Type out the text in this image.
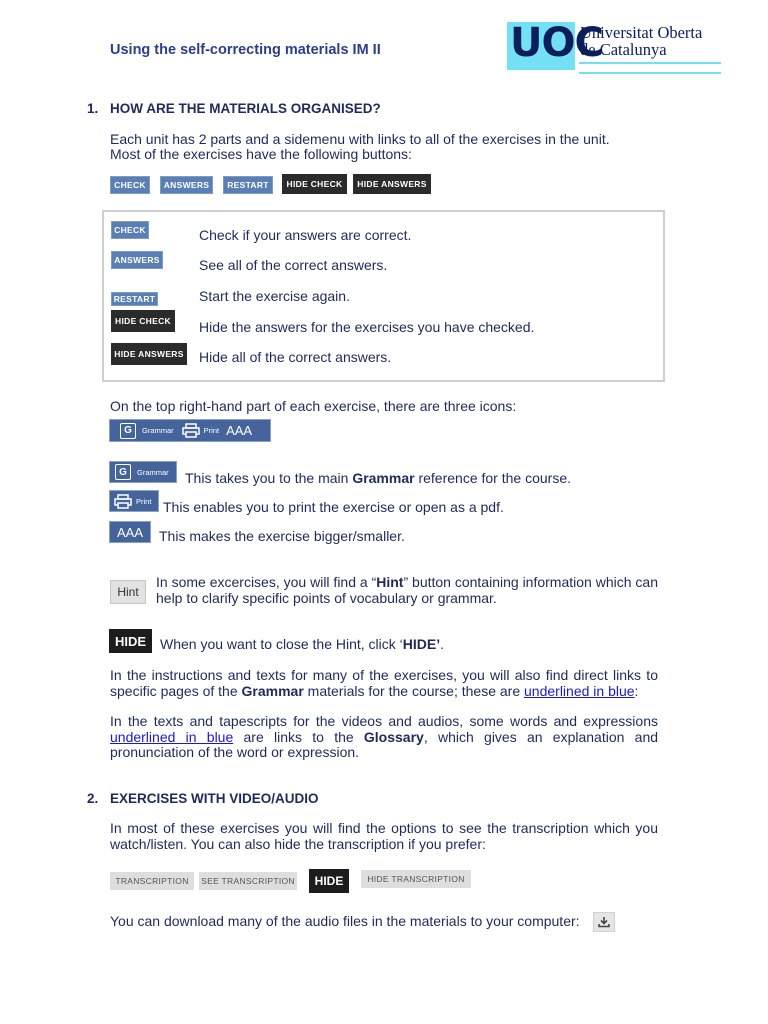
Using the self-correcting materials IM II	UOC
Universitat Oberta
de Catalunya
1. HOW ARE THE MATERIALS ORGANISED?
Each unit has 2 parts and a sidemenu with links to all of the exercises in the unit.
Most of the exercises have the following buttons:
CHECK	ANSWERS	RESTART	HIDE CHECK	HIDE ANSWERS
CHECK	Check if your answers are correct.
ANSWERS	See all of the correct answers.
RESTART	Start the exercise again.
HIDE CHECK Hide the answers for the exercises you have checked.
HIDE ANSWERS Hide all of the correct answers.
On the top right-hand part of each exercise, there are three icons:
G	Grammar	Print AAA
G	Grammar This takes you to the main Grammar reference for the course.
Print This enables you to print the exercise or open as a pdf.
AAA This makes the exercise bigger/smaller.
Hint
In some excercises, you will find a “Hint” button containing information which can help to clarify specific points of vocabulary or grammar.
HIDE When you want to close the Hint, click ‘HIDE’.
In the instructions and texts for many of the exercises, you will also find direct links to specific pages of the Grammar materials for the course; these are underlined in blue:
In the texts and tapescripts for the videos and audios, some words and expressions underlined in blue are links to the Glossary, which gives an explanation and pronunciation of the word or expression.
2. EXERCISES WITH VIDEO/AUDIO
In most of these exercises you will find the options to see the transcription which you watch/listen. You can also hide the transcription if you prefer:
TRANSCRIPTION	SEE TRANSCRIPTION	HIDE	HIDE TRANSCRIPTION
You can download many of the audio files in the materials to your computer:
